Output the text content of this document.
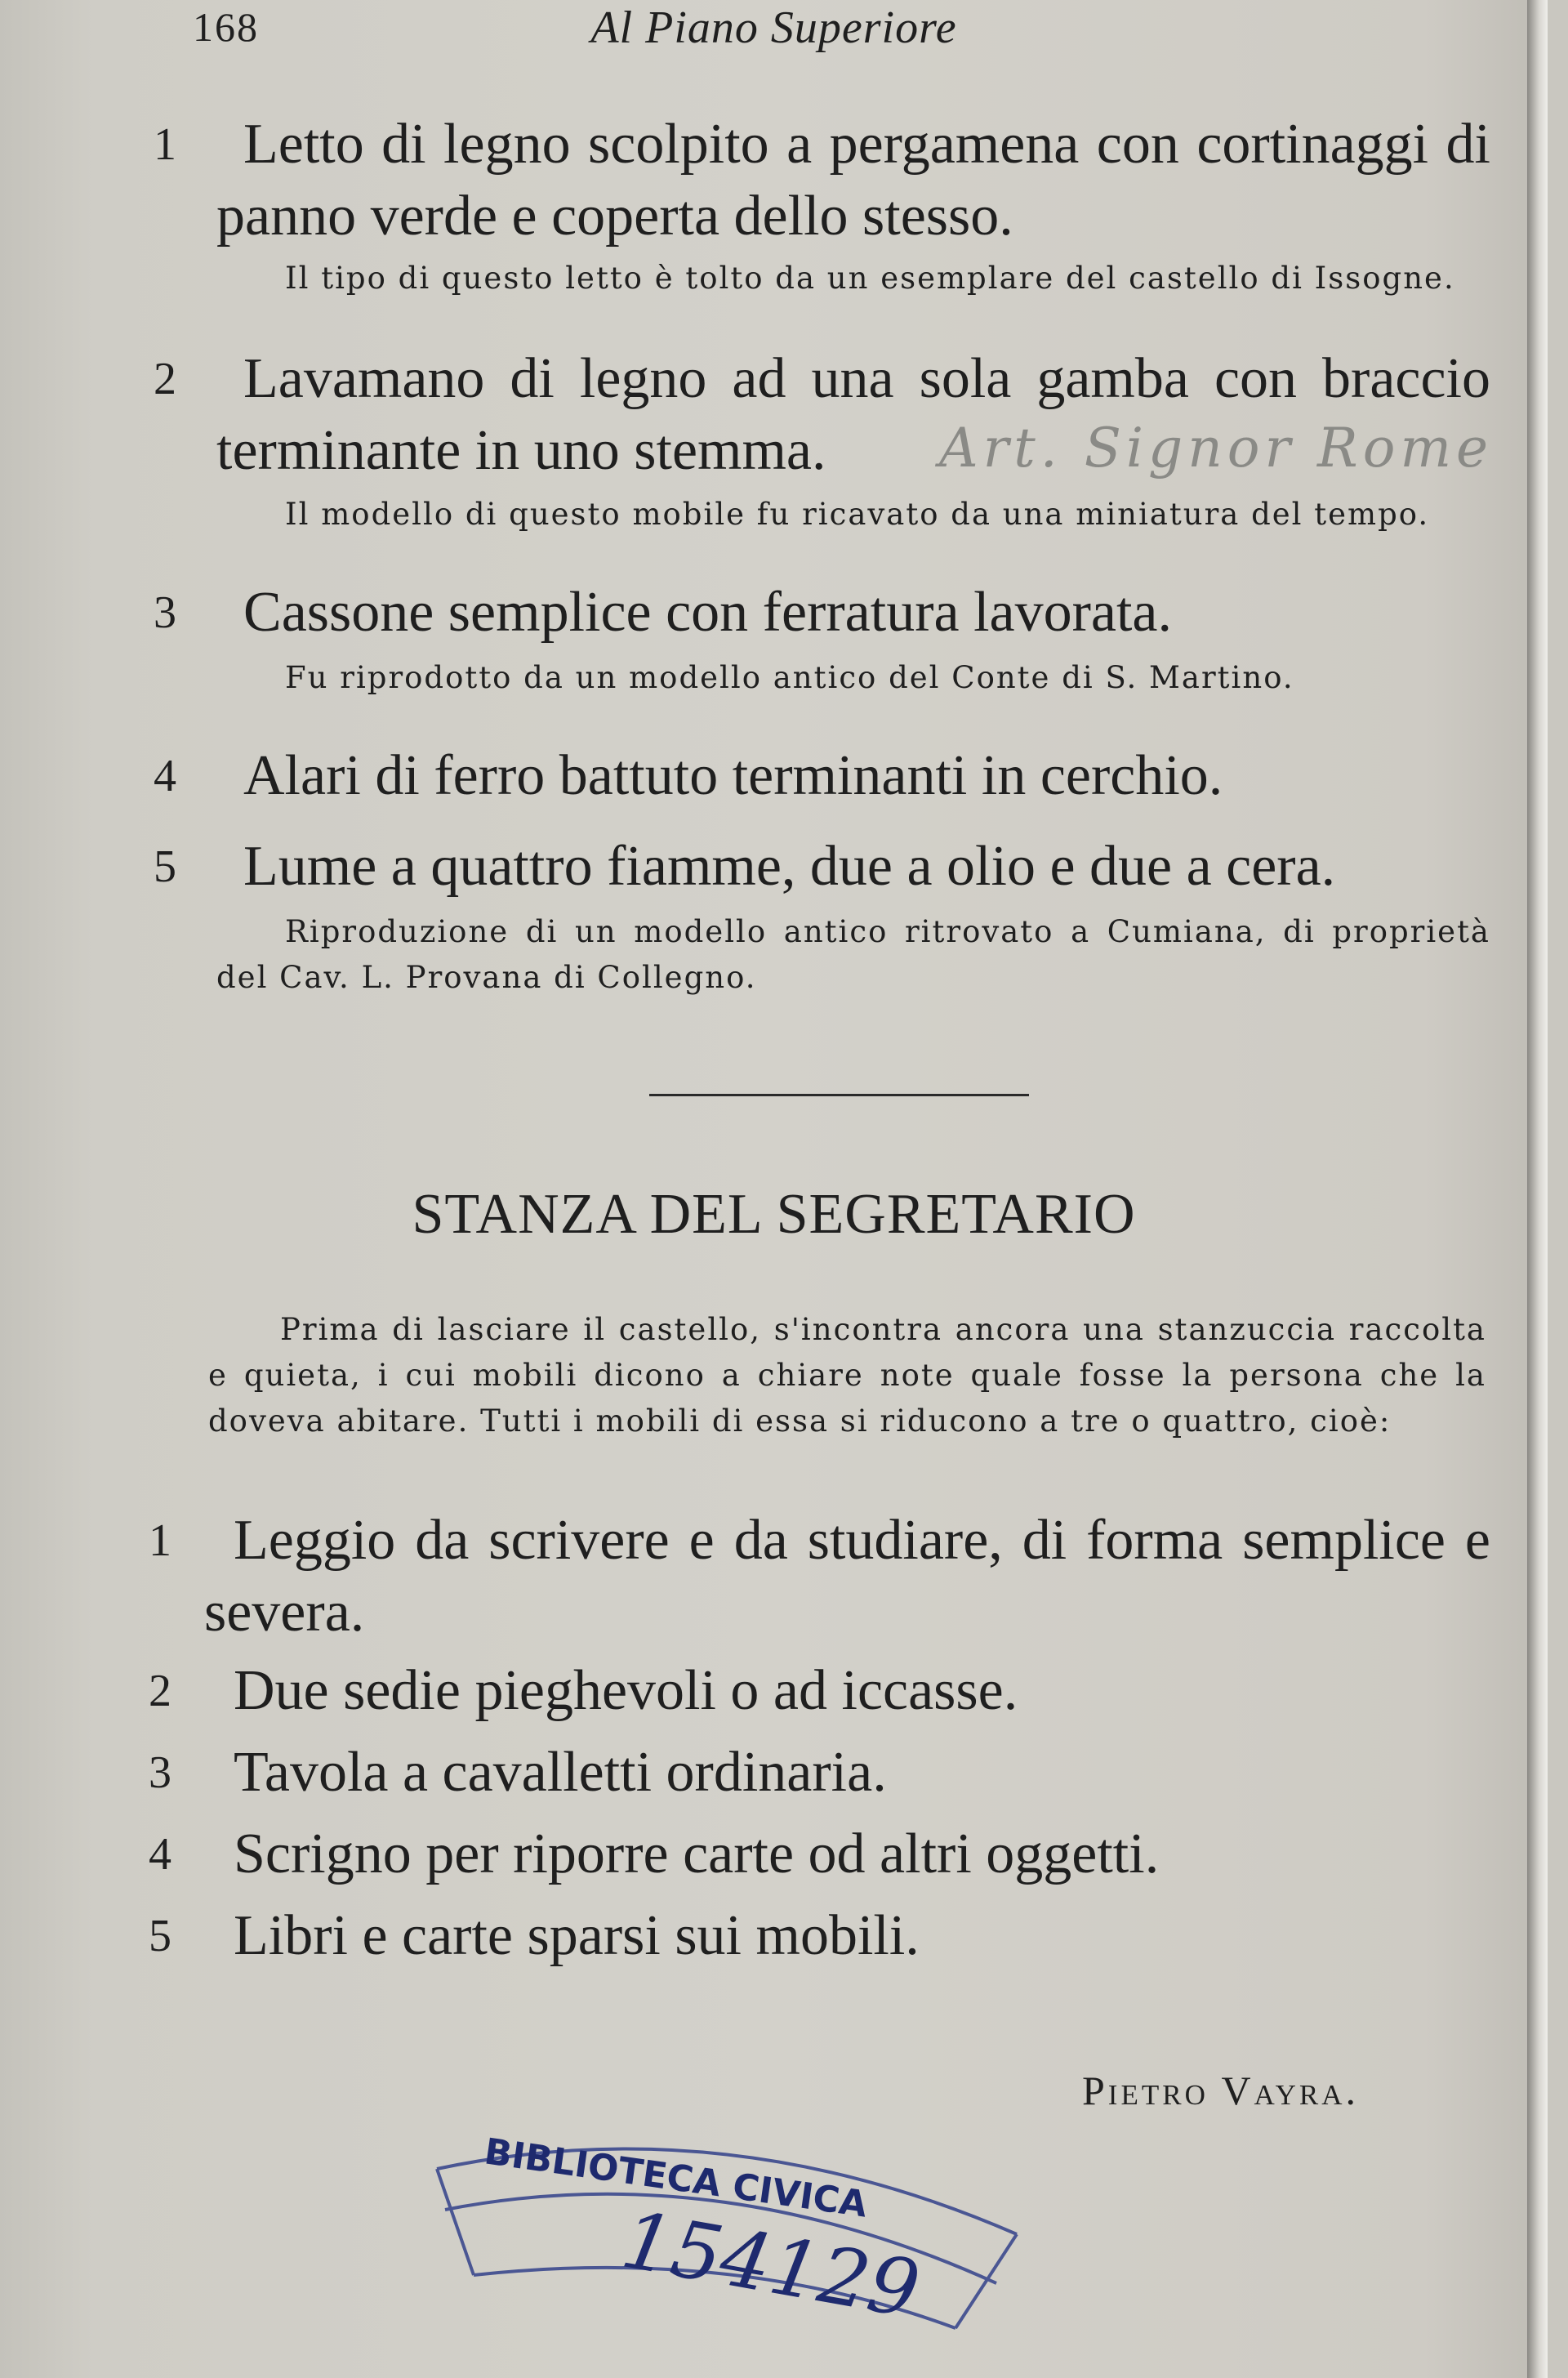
168	Al Piano Superiore
1	Letto di legno scolpito a pergamena con cortinaggi di panno verde e coperta dello stesso.

Il tipo di questo letto è tolto da un esemplare del castello di Issogne.

2	Lavamano di legno ad una sola gamba con braccio terminante in uno stemma.

Il modello di questo mobile fu ricavato da una miniatura del tempo.

Art. Signor Rome
3	Cassone semplice con ferratura lavorata.

Fu riprodotto da un modello antico del Conte di S. Martino.

4	Alari di ferro battuto terminanti in cerchio.

5	Lume a quattro fiamme, due a olio e due a cera.

Riproduzione di un modello antico ritrovato a Cumiana, di proprietà del Cav. L. Provana di Collegno.

STANZA DEL SEGRETARIO

Prima di lasciare il castello, s'incontra ancora una stanzuccia raccolta e quieta, i cui mobili dicono a chiare note quale fosse la persona che la doveva abitare. Tutti i mobili di essa si riducono a tre o quattro, cioè:

1	Leggio da scrivere e da studiare, di forma semplice e severa.

2	Due sedie pieghevoli o ad iccasse.

3	Tavola a cavalletti ordinaria.

4	Scrigno per riporre carte od altri oggetti.

5	Libri e carte sparsi sui mobili.

Pietro Vayra.
BIBLIOTECA CIVICA
154129
